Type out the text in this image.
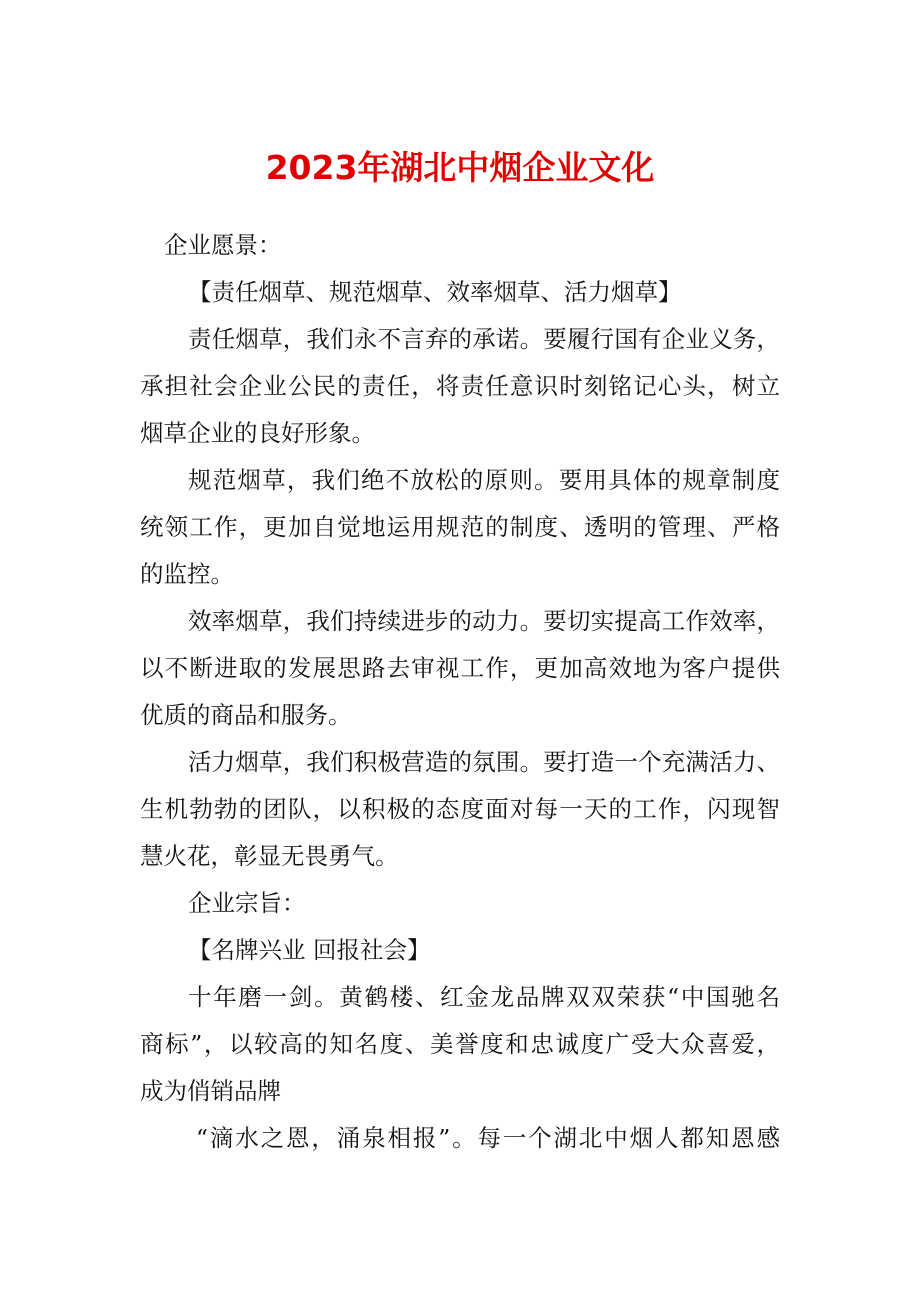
2023年湖北中烟企业文化
企业愿景：
【责任烟草、规范烟草、效率烟草、活力烟草】
责任烟草，我们永不言弃的承诺。要履行国有企业义务，
承担社会企业公民的责任，将责任意识时刻铭记心头，树立
烟草企业的良好形象。
规范烟草，我们绝不放松的原则。要用具体的规章制度
统领工作，更加自觉地运用规范的制度、透明的管理、严格
的监控。
效率烟草，我们持续进步的动力。要切实提高工作效率，
以不断进取的发展思路去审视工作，更加高效地为客户提供
优质的商品和服务。
活力烟草，我们积极营造的氛围。要打造一个充满活力、
生机勃勃的团队，以积极的态度面对每一天的工作，闪现智
慧火花，彰显无畏勇气。
企业宗旨：
【名牌兴业 回报社会】
十年磨一剑。黄鹤楼、红金龙品牌双双荣获“中国驰名
商标”，以较高的知名度、美誉度和忠诚度广受大众喜爱，
成为俏销品牌
“滴水之恩，涌泉相报”。每一个湖北中烟人都知恩感
